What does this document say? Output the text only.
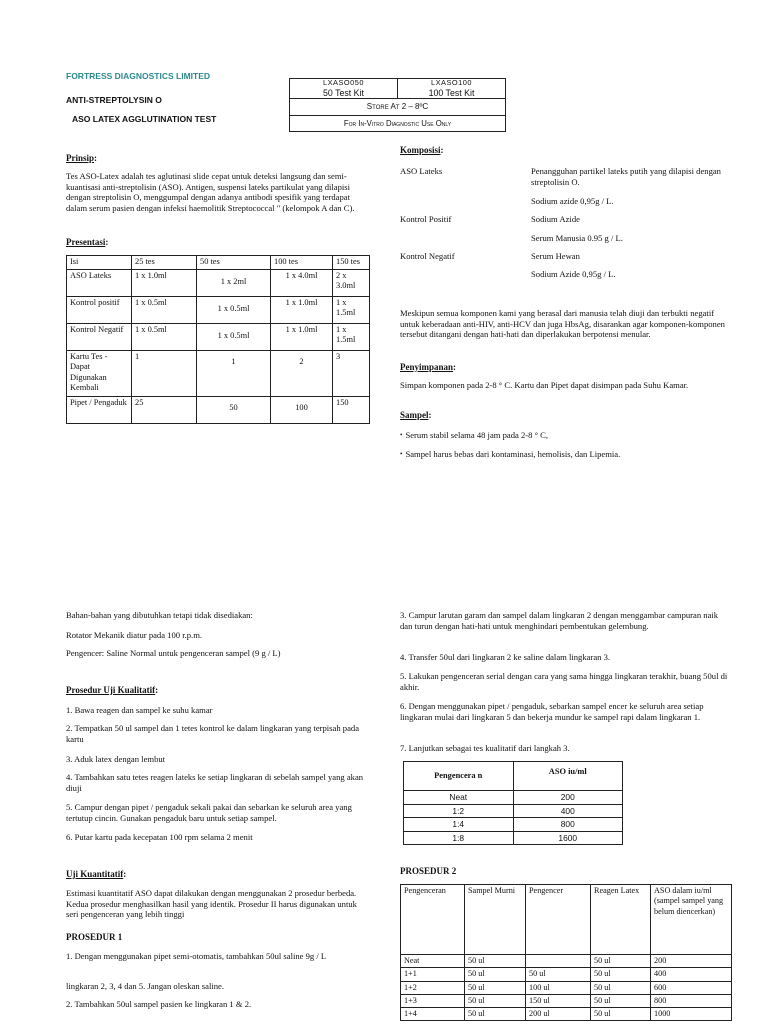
FORTRESS DIAGNOSTICS LIMITED
ANTI-STREPTOLYSIN O
ASO LATEX AGGLUTINATION TEST
LXASO050
50 Test Kit

LXASO100
100 Test Kit

Store At 2 – 8ºC
For In-Vitro Diagnostic Use Only
Prinsip:

Tes ASO-Latex adalah tes aglutinasi slide cepat untuk deteksi langsung dan semi-kuantisasi anti-streptolisin (ASO). Antigen, suspensi lateks partikulat yang dilapisi dengan streptolisin O, menggumpal dengan adanya antibodi spesifik yang terdapat dalam serum pasien dengan infeksi haemolitik Streptococcal " (kelompok A dan C).

Presentasi:
Isi	25 tes	50 tes	100 tes	150 tes
ASO Lateks	1 x 1.0ml	1 x 2ml	1 x 4.0ml	2 x 3.0ml
Kontrol positif	1 x 0.5ml	1 x 0.5ml	1 x 1.0ml	1 x 1.5ml
Kontrol Negatif	1 x 0.5ml	1 x 0.5ml	1 x 1.0ml	1 x 1.5ml
Kartu Tes - Dapat Digunakan Kembali	1	1	2	3
Pipet / Pengaduk	25	50	100	150
Komposisi:
ASO Lateks	Penangguhan partikel lateks putih yang dilapisi dengan streptolisin O.

Sodium azide 0,95g / L.

Kontrol Positif	Sodium Azide

Serum Manusia 0.95 g / L.

Kontrol Negatif	Serum Hewan

Sodium Azide 0,95g / L.

Meskipun semua komponen kami yang berasal dari manusia telah diuji dan terbukti negatif untuk keberadaan anti-HIV, anti-HCV dan juga HbsAg, disarankan agar komponen-komponen tersebut ditangani dengan hati-hati dan diperlakukan berpotensi menular.

Penyimpanan:

Simpan komponen pada 2-8 ° C. Kartu dan Pipet dapat disimpan pada Suhu Kamar.

Sampel:

• Serum stabil selama 48 jam pada 2-8 ° C,

• Sampel harus bebas dari kontaminasi, hemolisis, dan Lipemia.

Bahan-bahan yang dibutuhkan tetapi tidak disediakan:

Rotator Mekanik diatur pada 100 r.p.m.

Pengencer: Saline Normal untuk pengenceran sampel (9 g / L)

Prosedur Uji Kualitatif:

1. Bawa reagen dan sampel ke suhu kamar

2. Tempatkan 50 ul sampel dan 1 tetes kontrol ke dalam lingkaran yang terpisah pada kartu

3. Aduk latex dengan lembut

4. Tambahkan satu tetes reagen lateks ke setiap lingkaran di sebelah sampel yang akan diuji

5. Campur dengan pipet / pengaduk sekali pakai dan sebarkan ke seluruh area yang tertutup cincin. Gunakan pengaduk baru untuk setiap sampel.

6. Putar kartu pada kecepatan 100 rpm selama 2 menit

Uji Kuantitatif:

Estimasi kuantitatif ASO dapat dilakukan dengan menggunakan 2 prosedur berbeda. Kedua prosedur menghasilkan hasil yang identik. Prosedur II harus digunakan untuk seri pengenceran yang lebih tinggi

PROSEDUR 1

1. Dengan menggunakan pipet semi-otomatis, tambahkan 50ul saline 9g / L

lingkaran 2, 3, 4 dan 5. Jangan oleskan saline.

2. Tambahkan 50ul sampel pasien ke lingkaran 1 & 2.

3. Campur larutan garam dan sampel dalam lingkaran 2 dengan menggambar campuran naik dan turun dengan hati-hati untuk menghindari pembentukan gelembung.

4. Transfer 50ul dari lingkaran 2 ke saline dalam lingkaran 3.

5. Lakukan pengenceran serial dengan cara yang sama hingga lingkaran terakhir, buang 50ul di akhir.

6. Dengan menggunakan pipet / pengaduk, sebarkan sampel encer ke seluruh area setiap lingkaran mulai dari lingkaran 5 dan bekerja mundur ke sampel rapi dalam lingkaran 1.

7. Lanjutkan sebagai tes kualitatif dari langkah 3.

Pengencera n	ASO iu/ml
Neat	200
1:2	400
1:4	800
1:8	1600
PROSEDUR 2
Pengenceran	Sampel Murni	Pengencer	Reagen Latex	ASO dalam iu/ml (sampel sampel yang belum diencerkan)
Neat	50 ul		50 ul	200
1+1	50 ul	50 ul	50 ul	400
1+2	50 ul	100 ul	50 ul	600
1+3	50 ul	150 ul	50 ul	800
1+4	50 ul	200 ul	50 ul	1000
